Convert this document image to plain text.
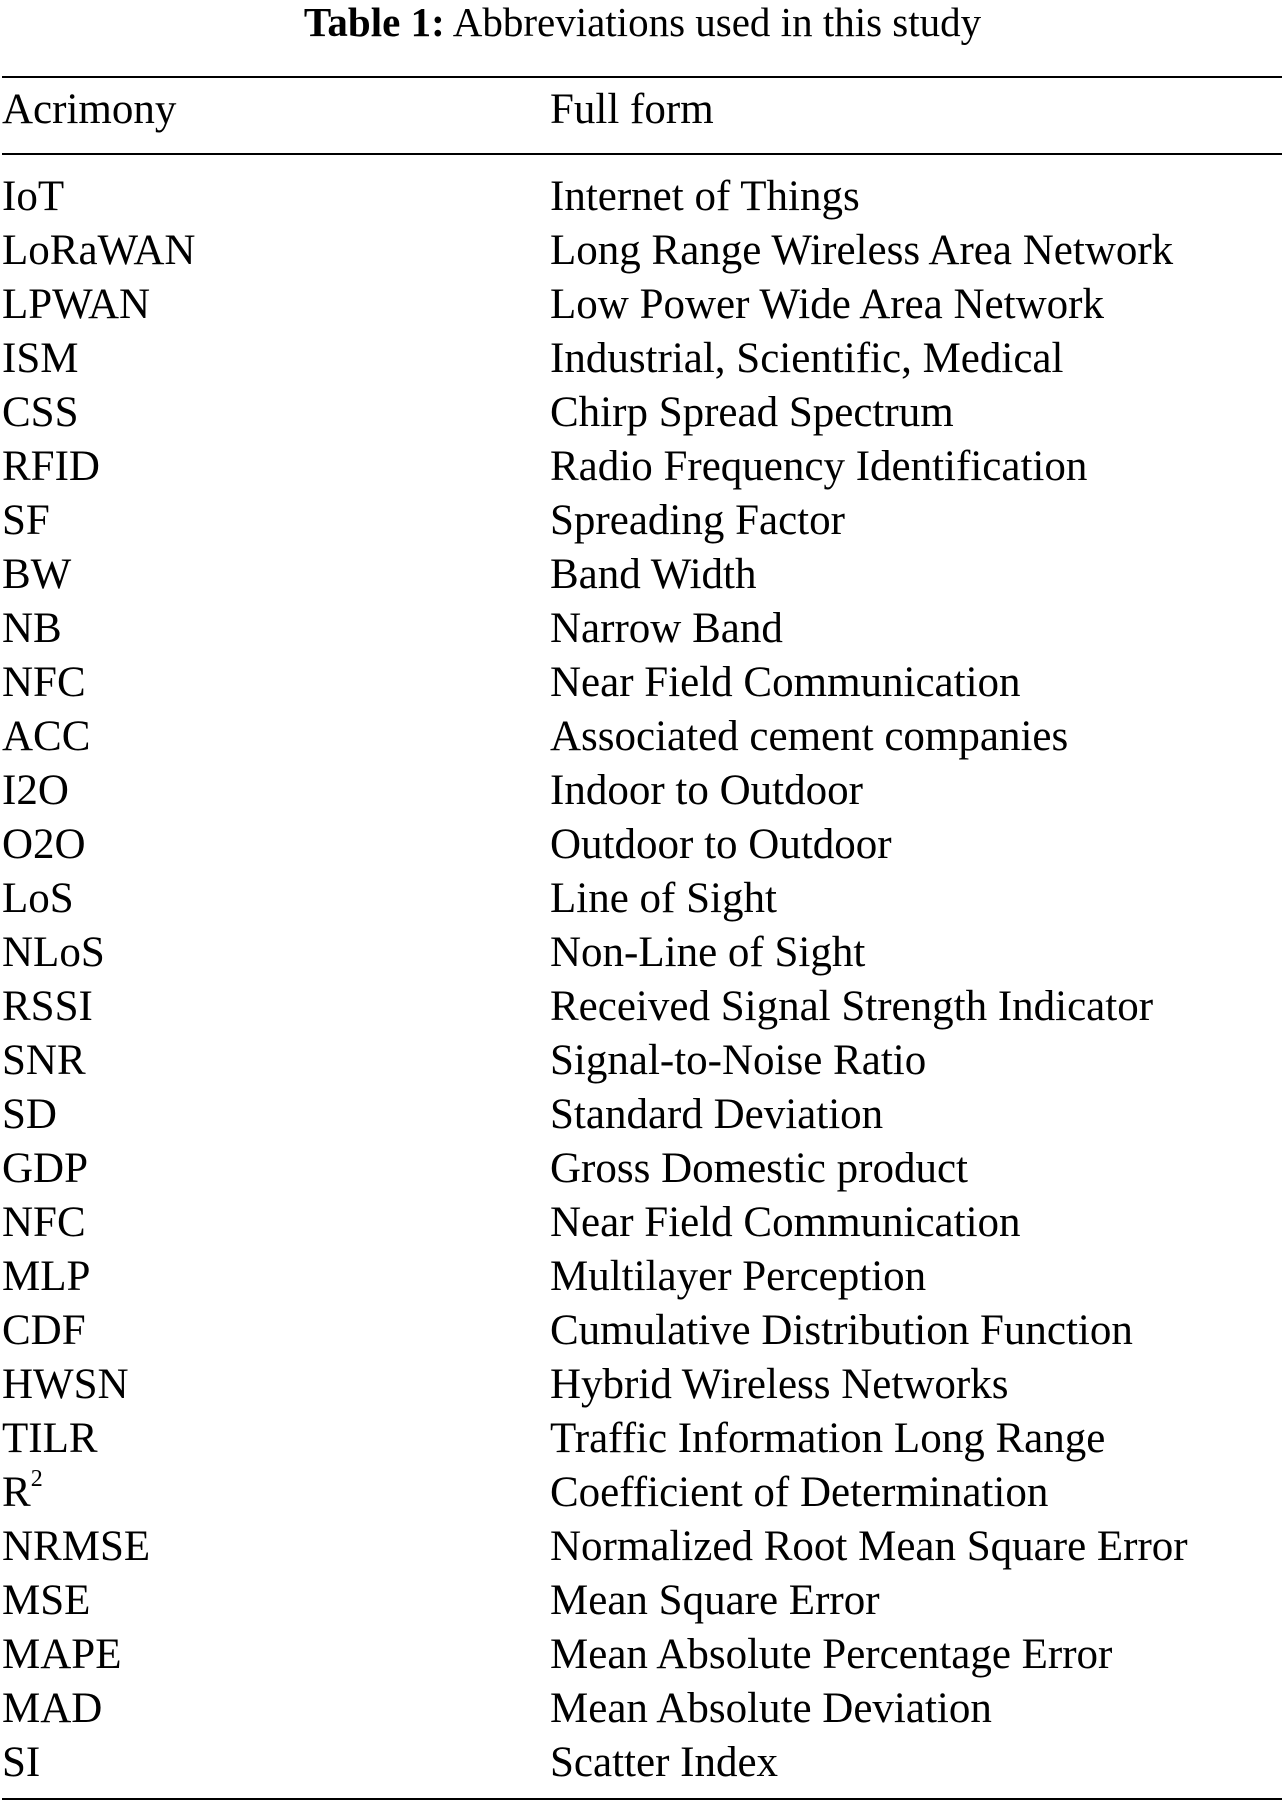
Table 1: Abbreviations used in this study
Acrimony	Full form
IoT	Internet of Things
LoRaWAN	Long Range Wireless Area Network
LPWAN	Low Power Wide Area Network
ISM	Industrial, Scientific, Medical
CSS	Chirp Spread Spectrum
RFID	Radio Frequency Identification
SF	Spreading Factor
BW	Band Width
NB	Narrow Band
NFC	Near Field Communication
ACC	Associated cement companies
I2O	Indoor to Outdoor
O2O	Outdoor to Outdoor
LoS	Line of Sight
NLoS	Non-Line of Sight
RSSI	Received Signal Strength Indicator
SNR	Signal-to-Noise Ratio
SD	Standard Deviation
GDP	Gross Domestic product
NFC	Near Field Communication
MLP	Multilayer Perception
CDF	Cumulative Distribution Function
HWSN	Hybrid Wireless Networks
TILR	Traffic Information Long Range
$R^2$	Coefficient of Determination
NRMSE	Normalized Root Mean Square Error
MSE	Mean Square Error
MAPE	Mean Absolute Percentage Error
MAD	Mean Absolute Deviation
SI	Scatter Index
